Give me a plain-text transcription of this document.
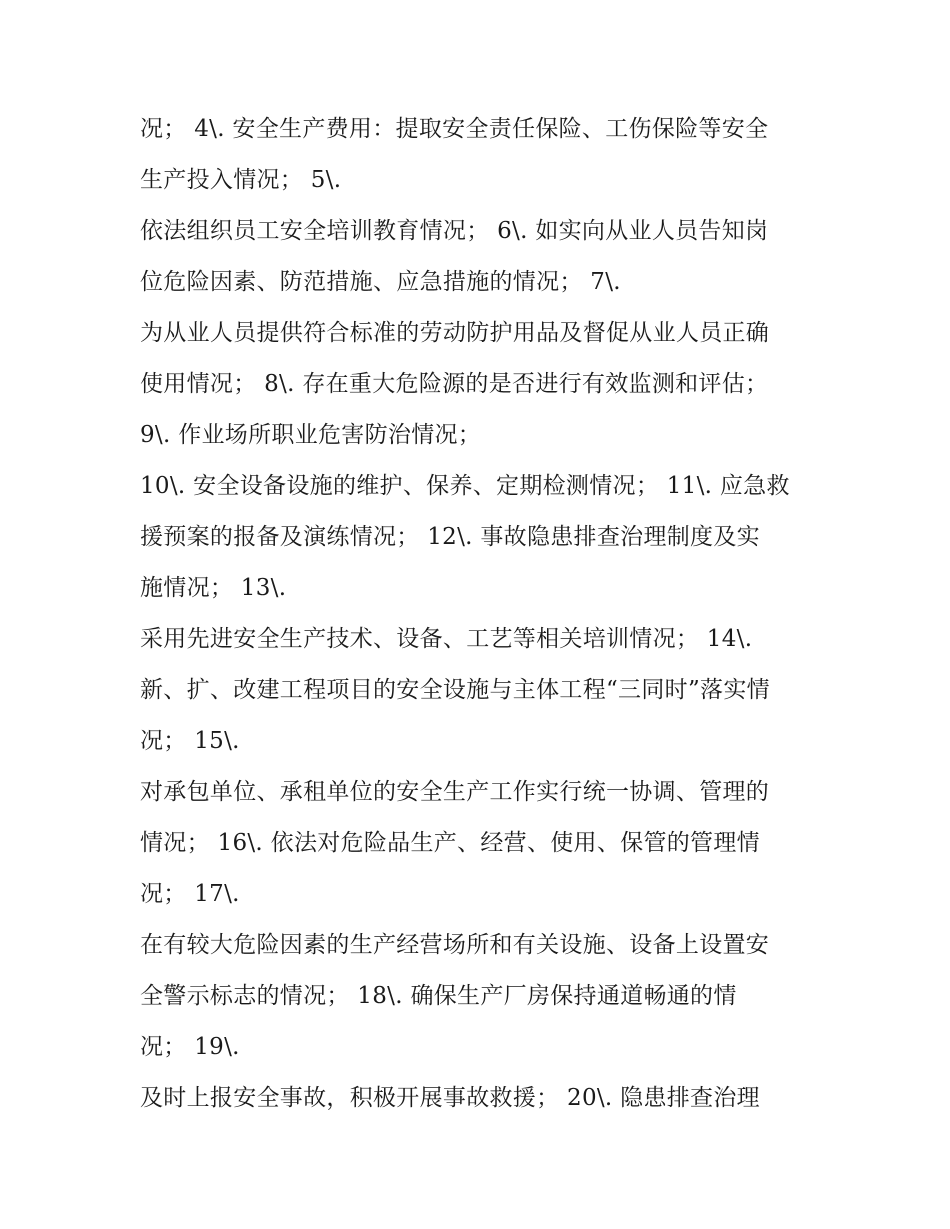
况； 4\. 安全生产费用：提取安全责任保险、工伤保险等安全
生产投入情况； 5\.
依法组织员工安全培训教育情况； 6\. 如实向从业人员告知岗
位危险因素、防范措施、应急措施的情况； 7\.
为从业人员提供符合标准的劳动防护用品及督促从业人员正确
使用情况； 8\. 存在重大危险源的是否进行有效监测和评估；
9\. 作业场所职业危害防治情况；
10\. 安全设备设施的维护、保养、定期检测情况； 11\. 应急救
援预案的报备及演练情况； 12\. 事故隐患排查治理制度及实
施情况； 13\.
采用先进安全生产技术、设备、工艺等相关培训情况； 14\.
新、扩、改建工程项目的安全设施与主体工程“三同时”落实情
况； 15\.
对承包单位、承租单位的安全生产工作实行统一协调、管理的
情况； 16\. 依法对危险品生产、经营、使用、保管的管理情
况； 17\.
在有较大危险因素的生产经营场所和有关设施、设备上设置安
全警示标志的情况； 18\. 确保生产厂房保持通道畅通的情
况； 19\.
及时上报安全事故，积极开展事故救援； 20\. 隐患排查治理
